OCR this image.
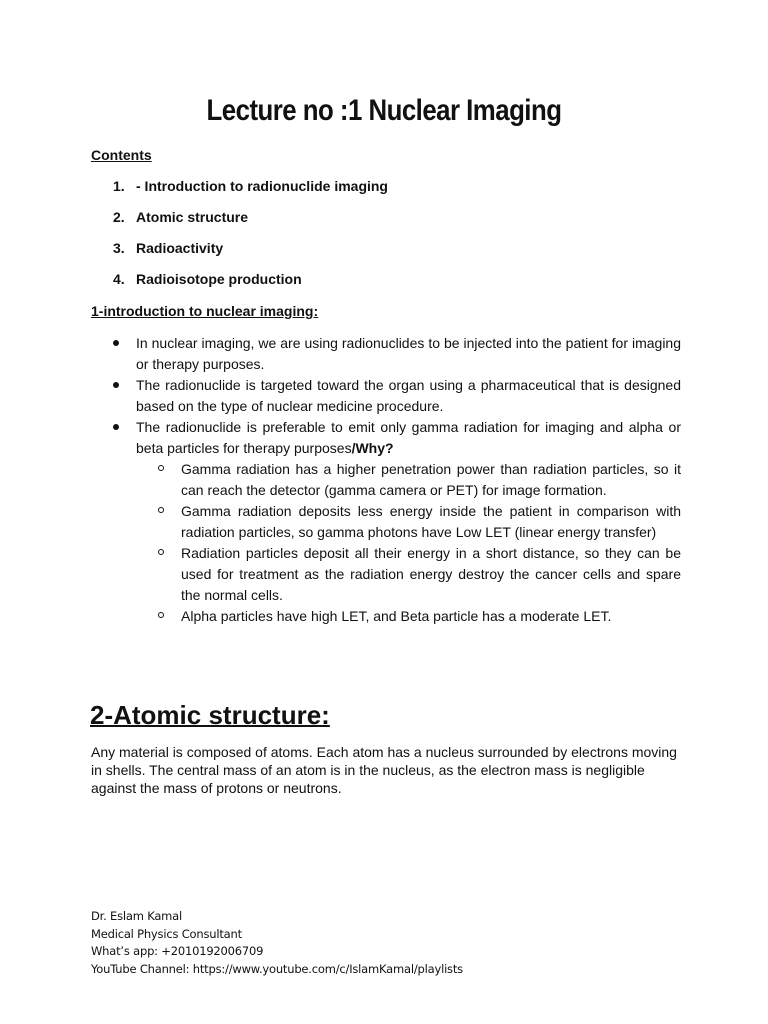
Lecture no :1 Nuclear Imaging
Contents
1. - Introduction to radionuclide imaging
2. Atomic structure
3. Radioactivity
4. Radioisotope production
1-introduction to nuclear imaging:
In nuclear imaging, we are using radionuclides to be injected into the patient for imaging or therapy purposes.
The radionuclide is targeted toward the organ using a pharmaceutical that is designed based on the type of nuclear medicine procedure.
The radionuclide is preferable to emit only gamma radiation for imaging and alpha or beta particles for therapy purposes/Why?
Gamma radiation has a higher penetration power than radiation particles, so it can reach the detector (gamma camera or PET) for image formation.
Gamma radiation deposits less energy inside the patient in comparison with radiation particles, so gamma photons have Low LET (linear energy transfer)
Radiation particles deposit all their energy in a short distance, so they can be used for treatment as the radiation energy destroy the cancer cells and spare the normal cells.
Alpha particles have high LET, and Beta particle has a moderate LET.
2-Atomic structure:
Any material is composed of atoms. Each atom has a nucleus surrounded by electrons moving in shells. The central mass of an atom is in the nucleus, as the electron mass is negligible against the mass of protons or neutrons.
Dr. Eslam Kamal
Medical Physics Consultant
What’s app: +2010192006709
YouTube Channel: https://www.youtube.com/c/IslamKamal/playlists
